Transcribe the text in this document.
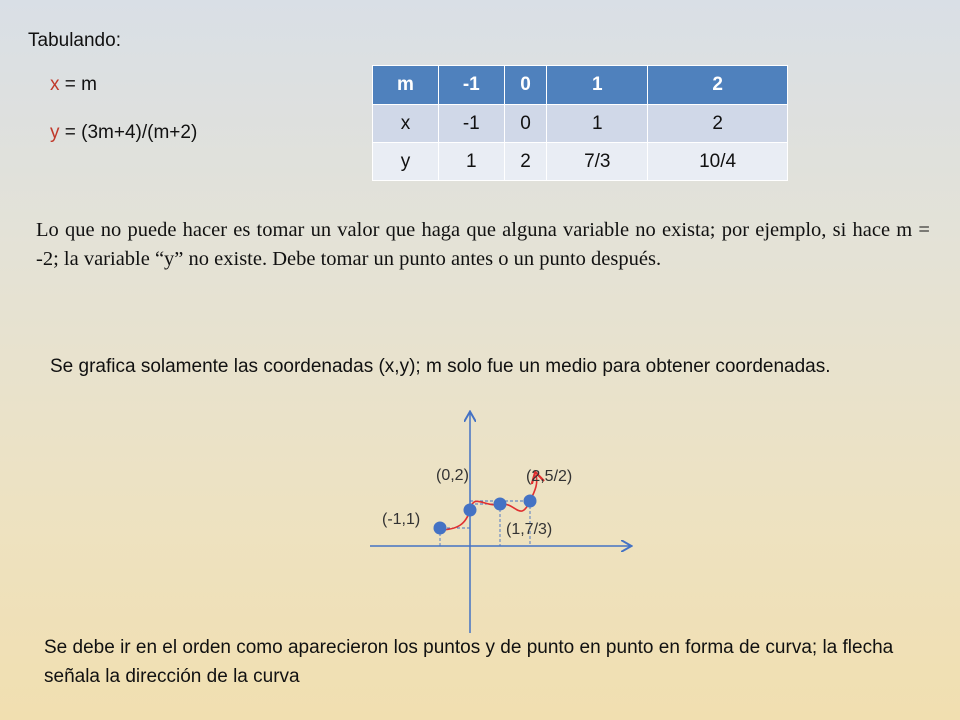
Tabulando:
x = m
y = (3m+4)/(m+2)
m	-1	0	1	2
x	-1	0	1	2
y	1	2	7/3	10/4
Lo que no puede hacer es tomar un valor que haga que alguna variable no exista; por ejemplo, si hace m = -2; la variable “y” no existe. Debe tomar un punto antes o un punto después.
Se grafica solamente las coordenadas (x,y); m solo fue un medio para obtener coordenadas.
(-1,1)
(0,2)
(1,7/3)
(2,5/2)
Se debe ir en el orden como aparecieron los puntos y de punto en punto en forma de curva; la flecha señala la dirección de la curva
